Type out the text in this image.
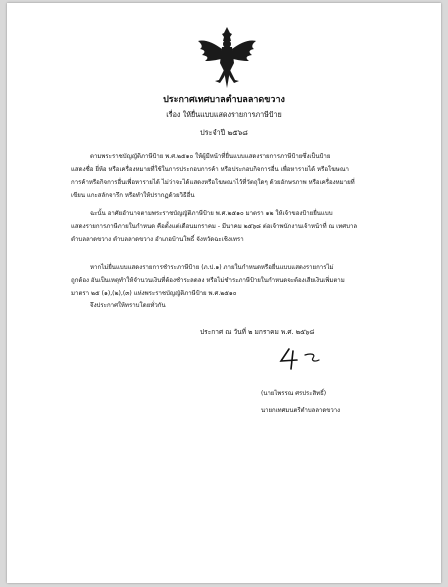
ประกาศเทศบาลตำบลลาดขวาง
เรื่อง ให้ยื่นแบบแสดงรายการภาษีป้าย
ประจำปี ๒๕๖๘

ตามพระราชบัญญัติภาษีป้าย พ.ศ.๒๕๑๐ ให้ผู้มีหน้าที่ยื่นแบบแสดงรายการภาษีป้ายซึ่งเป็นป้าย
แสดงชื่อ ยี่ห้อ หรือเครื่องหมายที่ใช้ในการประกอบการค้า หรือประกอบกิจการอื่น เพื่อหารายได้ หรือโฆษณา
การค้าหรือกิจการอื่นเพื่อหารายได้ ไม่ว่าจะได้แสดงหรือโฆษณาไว้ที่วัตถุใดๆ ด้วยอักษรภาพ หรือเครื่องหมายที่
เขียน แกะสลักจารึก หรือทำให้ปรากฏด้วยวิธีอื่น

ฉะนั้น อาศัยอำนาจตามพระราชบัญญัติภาษีป้าย พ.ศ.๒๕๑๐ มาตรา ๑๒ ให้เจ้าของป้ายยื่นแบบ
แสดงรายการภาษีภายในกำหนด คือตั้งแต่เดือนมกราคม - มีนาคม ๒๕๖๘ ต่อเจ้าพนักงานเจ้าหน้าที่ ณ เทศบาล
ตำบลลาดขวาง ตำบลลาดขวาง อำเภอบ้านโพธิ์ จังหวัดฉะเชิงเทรา

หากไม่ยื่นแบบแสดงรายการชำระภาษีป้าย (ภ.ป.๑) ภายในกำหนดหรือยื่นแบบแสดงรายการไม่
ถูกต้อง อันเป็นเหตุทำให้จำนวนเงินที่ต้องชำระลดลง หรือไม่ชำระภาษีป้ายในกำหนดจะต้องเสียเงินเพิ่มตาม
มาตรา ๒๕ (๑),(๒),(๓) แห่งพระราชบัญญัติภาษีป้าย พ.ศ.๒๕๑๐

จึงประกาศให้ทราบโดยทั่วกัน

ประกาศ ณ วันที่ ๒ มกราคม พ.ศ. ๒๕๖๘
(นายไพรรณ ศรประสิทธิ์)
นายกเทศมนตรีตำบลลาดขวาง
